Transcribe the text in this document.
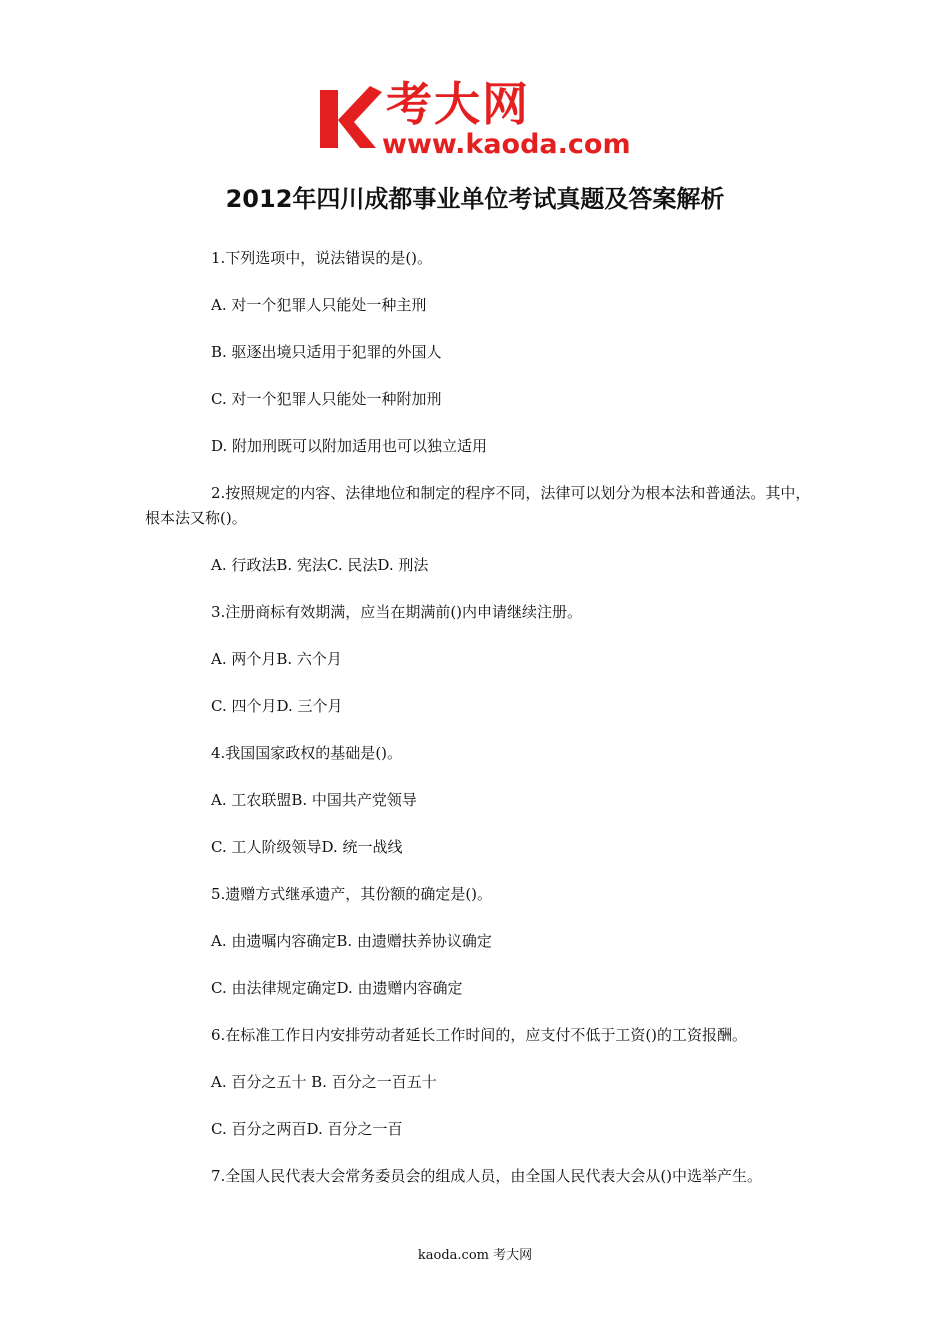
考大网
www.kaoda.com
2012年四川成都事业单位考试真题及答案解析

1.下列选项中，说法错误的是()。

A. 对一个犯罪人只能处一种主刑

B. 驱逐出境只适用于犯罪的外国人

C. 对一个犯罪人只能处一种附加刑

D. 附加刑既可以附加适用也可以独立适用

2.按照规定的内容、法律地位和制定的程序不同，法律可以划分为根本法和普通法。其中，根本法又称()。

A. 行政法B. 宪法C. 民法D. 刑法

3.注册商标有效期满，应当在期满前()内申请继续注册。

A. 两个月B. 六个月

C. 四个月D. 三个月

4.我国国家政权的基础是()。

A. 工农联盟B. 中国共产党领导

C. 工人阶级领导D. 统一战线

5.遗赠方式继承遗产，其份额的确定是()。

A. 由遗嘱内容确定B. 由遗赠扶养协议确定

C. 由法律规定确定D. 由遗赠内容确定

6.在标准工作日内安排劳动者延长工作时间的，应支付不低于工资()的工资报酬。

A. 百分之五十 B. 百分之一百五十

C. 百分之两百D. 百分之一百

7.全国人民代表大会常务委员会的组成人员，由全国人民代表大会从()中选举产生。

kaoda.com 考大网
